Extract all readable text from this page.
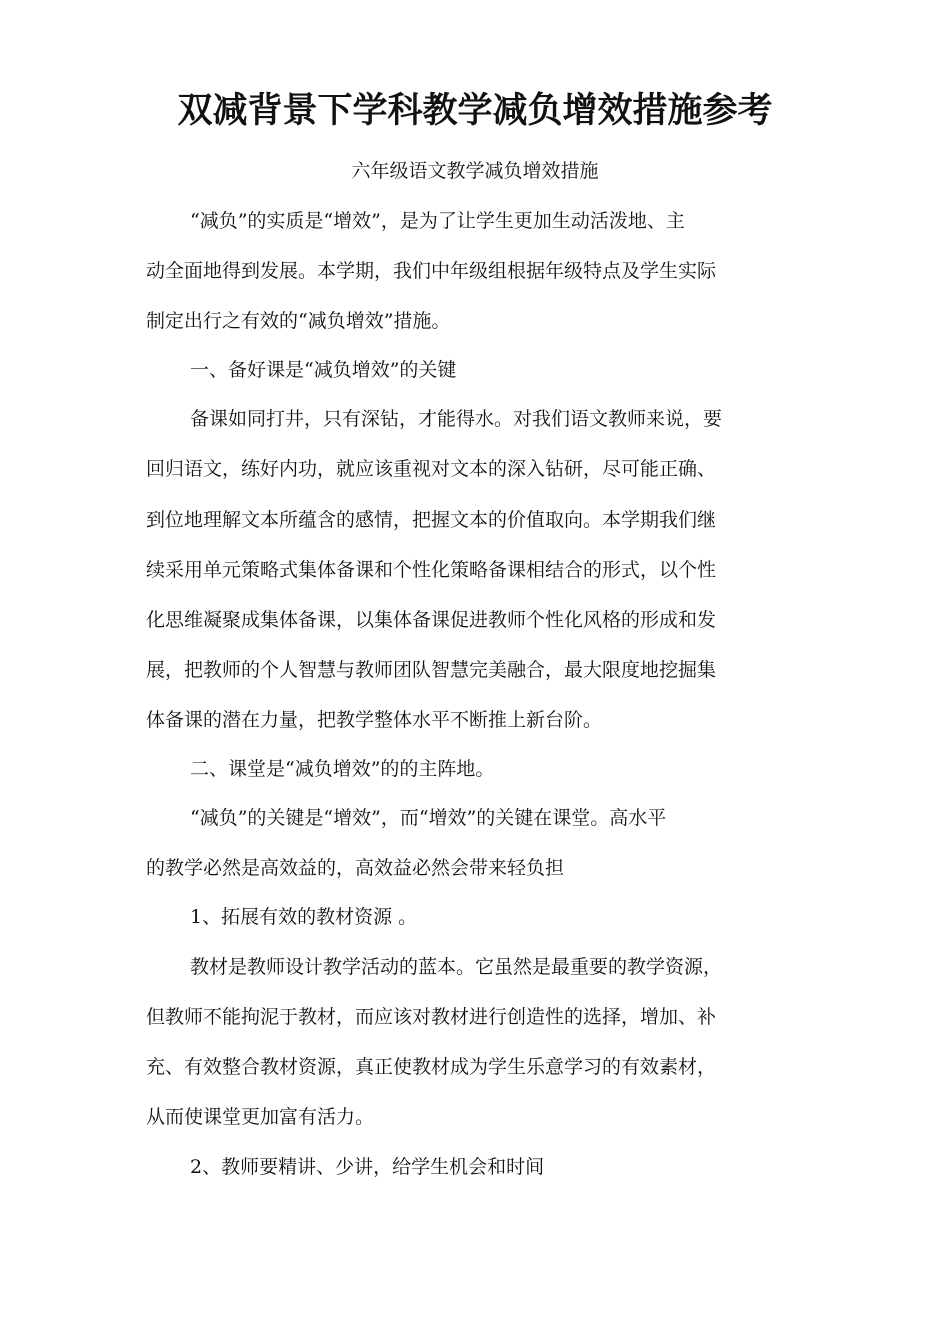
双减背景下学科教学减负增效措施参考
六年级语文教学减负增效措施
“减负”的实质是“增效”，是为了让学生更加生动活泼地、主
动全面地得到发展。本学期，我们中年级组根据年级特点及学生实际
制定出行之有效的“减负增效”措施。
一、备好课是“减负增效”的关键
备课如同打井，只有深钻，才能得水。对我们语文教师来说，要
回归语文，练好内功，就应该重视对文本的深入钻研，尽可能正确、
到位地理解文本所蕴含的感情，把握文本的价值取向。本学期我们继
续采用单元策略式集体备课和个性化策略备课相结合的形式，以个性
化思维凝聚成集体备课，以集体备课促进教师个性化风格的形成和发
展，把教师的个人智慧与教师团队智慧完美融合，最大限度地挖掘集
体备课的潜在力量，把教学整体水平不断推上新台阶。
二、课堂是“减负增效”的的主阵地。
“减负”的关键是“增效”，而“增效”的关键在课堂。高水平
的教学必然是高效益的，高效益必然会带来轻负担
1、拓展有效的教材资源 。
教材是教师设计教学活动的蓝本。它虽然是最重要的教学资源，
但教师不能拘泥于教材，而应该对教材进行创造性的选择，增加、补
充、有效整合教材资源，真正使教材成为学生乐意学习的有效素材，
从而使课堂更加富有活力。
2、教师要精讲、少讲，给学生机会和时间
